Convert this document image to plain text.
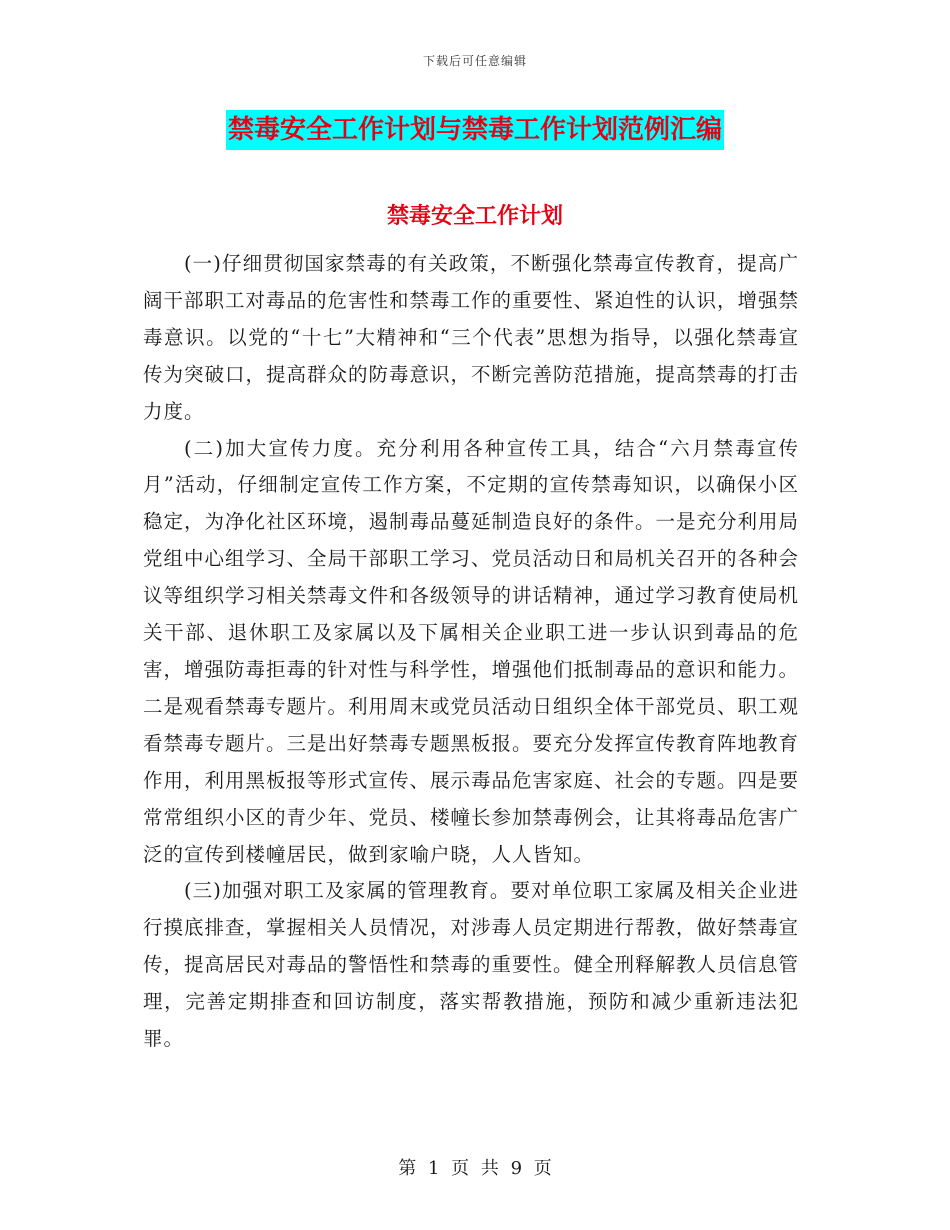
下载后可任意编辑
禁毒安全工作计划与禁毒工作计划范例汇编
禁毒安全工作计划

(一)仔细贯彻国家禁毒的有关政策，不断强化禁毒宣传教育，提高广阔干部职工对毒品的危害性和禁毒工作的重要性、紧迫性的认识，增强禁毒意识。以党的“十七”大精神和“三个代表”思想为指导，以强化禁毒宣传为突破口，提高群众的防毒意识，不断完善防范措施，提高禁毒的打击力度。

(二)加大宣传力度。充分利用各种宣传工具，结合“六月禁毒宣传月”活动，仔细制定宣传工作方案，不定期的宣传禁毒知识，以确保小区稳定，为净化社区环境，遏制毒品蔓延制造良好的条件。一是充分利用局党组中心组学习、全局干部职工学习、党员活动日和局机关召开的各种会议等组织学习相关禁毒文件和各级领导的讲话精神，通过学习教育使局机关干部、退休职工及家属以及下属相关企业职工进一步认识到毒品的危害，增强防毒拒毒的针对性与科学性，增强他们抵制毒品的意识和能力。二是观看禁毒专题片。利用周末或党员活动日组织全体干部党员、职工观看禁毒专题片。三是出好禁毒专题黑板报。要充分发挥宣传教育阵地教育作用，利用黑板报等形式宣传、展示毒品危害家庭、社会的专题。四是要常常组织小区的青少年、党员、楼幢长参加禁毒例会，让其将毒品危害广泛的宣传到楼幢居民，做到家喻户晓，人人皆知。

(三)加强对职工及家属的管理教育。要对单位职工家属及相关企业进行摸底排查，掌握相关人员情况，对涉毒人员定期进行帮教，做好禁毒宣传，提高居民对毒品的警悟性和禁毒的重要性。健全刑释解教人员信息管理，完善定期排查和回访制度，落实帮教措施，预防和减少重新违法犯罪。

第 1 页 共 9 页
